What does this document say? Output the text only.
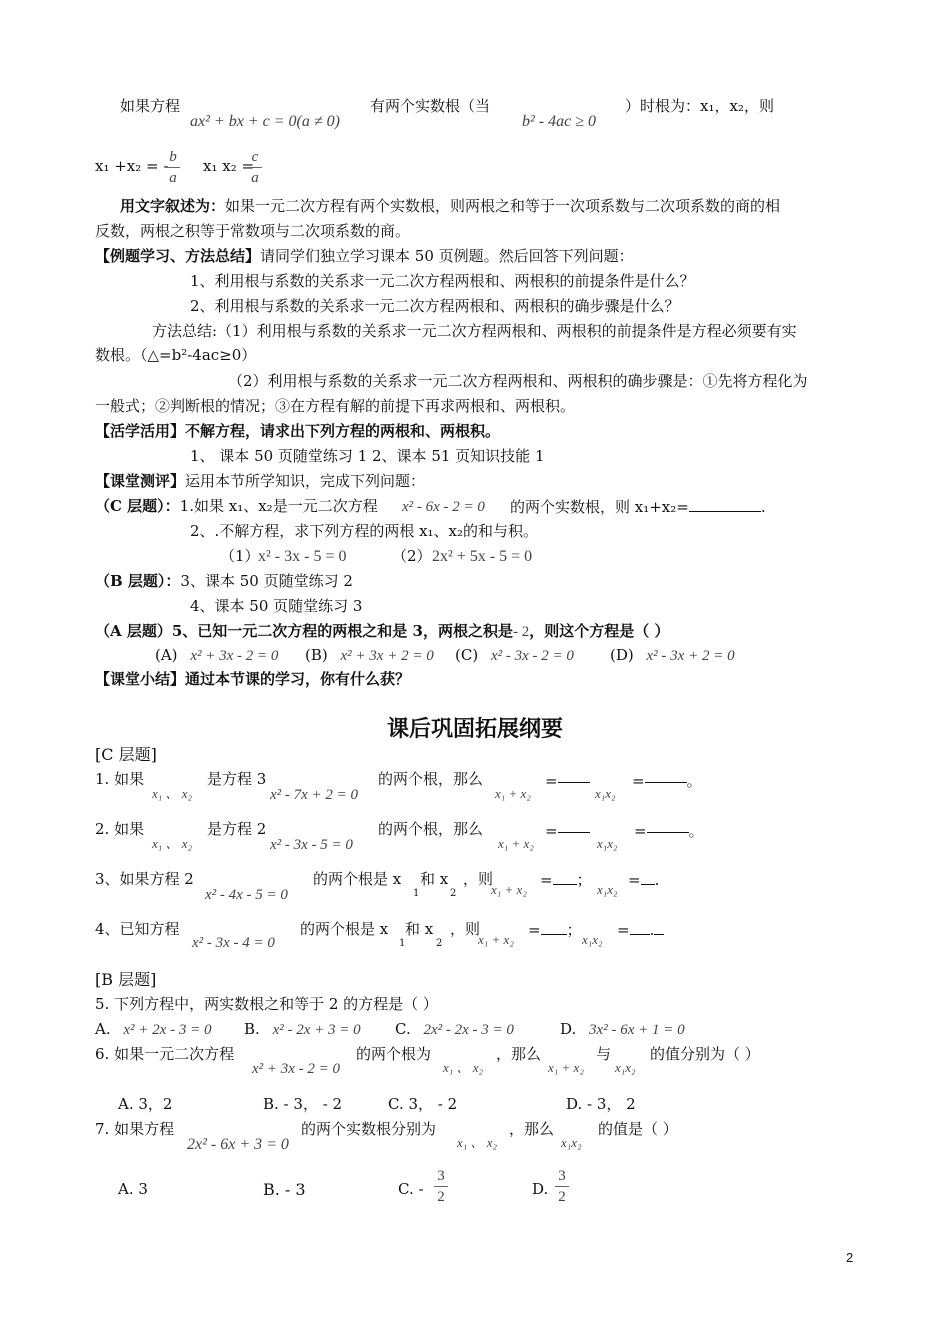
如果方程
ax² + bx + c = 0(a ≠ 0)
有两个实数根（当
b² - 4ac ≥ 0
）时根为：x₁，x₂，则
x₁ +x₂ = - b
a
x₁ x₂ =
c
a
用文字叙述为：如果一元二次方程有两个实数根，则两根之和等于一次项系数与二次项系数的商的相
反数，两根之积等于常数项与二次项系数的商。
【例题学习、方法总结】请同学们独立学习课本 50 页例题。然后回答下列问题：
1、利用根与系数的关系求一元二次方程两根和、两根积的前提条件是什么？
2、利用根与系数的关系求一元二次方程两根和、两根积的确步骤是什么？
方法总结:（1）利用根与系数的关系求一元二次方程两根和、两根积的前提条件是方程必须要有实
数根。（△=b²-4ac≥0）
（2）利用根与系数的关系求一元二次方程两根和、两根积的确步骤是：①先将方程化为
一般式；②判断根的情况；③在方程有解的前提下再求两根和、两根积。
【活学活用】不解方程，请求出下列方程的两根和、两根积。
1、 课本 50 页随堂练习 1 2、课本 51 页知识技能 1
【课堂测评】运用本节所学知识，完成下列问题：
（C 层题）：1.如果 x₁、x₂是一元二次方程 x² - 6x - 2 = 0 的两个实数根，则 x₁+x₂=	.
2、.不解方程，求下列方程的两根 x₁、x₂的和与积。
（1）
x² - 3x - 5 = 0	（2） 2x² + 5x - 5 = 0
（B 层题）：3、课本 50 页随堂练习 2
4、课本 50 页随堂练习 3
（A 层题）5、已知一元二次方程的两根之和是 3，两根之积是- 2，则这个方程是（ ）
(A) x² + 3x - 2 = 0 (B) x² + 3x + 2 = 0 (C) x² - 3x - 2 = 0 (D) x² - 3x + 2 = 0
【课堂小结】通过本节课的学习，你有什么获？
课后巩固拓展纲要
[C 层题]
1. 如果
x₁ 、 x₂
是方程 3
x² - 7x + 2 = 0
的两个根，那么
x₁ + x₂
=
x₁x₂
=	。
2. 如果
x₁ 、 x₂
是方程 2
x² - 3x - 5 = 0
的两个根，那么
x₁ + x₂
=
x₁x₂
=	。
3、如果方程 2
x² - 4x - 5 = 0
的两个根是 x
1
和 x
2
，则
x₁ + x₂
= ；
x₁x₂
= .
4、已知方程
x² - 3x - 4 = 0
的两个根是 x
1
和 x
2
，则
x₁ + x₂
= ；
x₁x₂
= .
[B 层题]
5. 下列方程中，两实数根之和等于 2 的方程是（ ）
A. x² + 2x - 3 = 0 B. x² - 2x + 3 = 0 C. 2x² - 2x - 3 = 0	D. 3x² - 6x + 1 = 0
6. 如果一元二次方程
x² + 3x - 2 = 0
的两个根为
x₁ 、 x₂
，那么
x₁ + x₂
与
x₁x₂
的值分别为（ ）
A. 3，2	B. - 3， - 2	C. 3， - 2	D. - 3， 2
7. 如果方程
2x² - 6x + 3 = 0
的两个实数根分别为
x₁ 、 x₂
，那么
x₁x₂
的值是（ ）
A. 3	B. - 3	C. -
3
2	D.
3
2
2
